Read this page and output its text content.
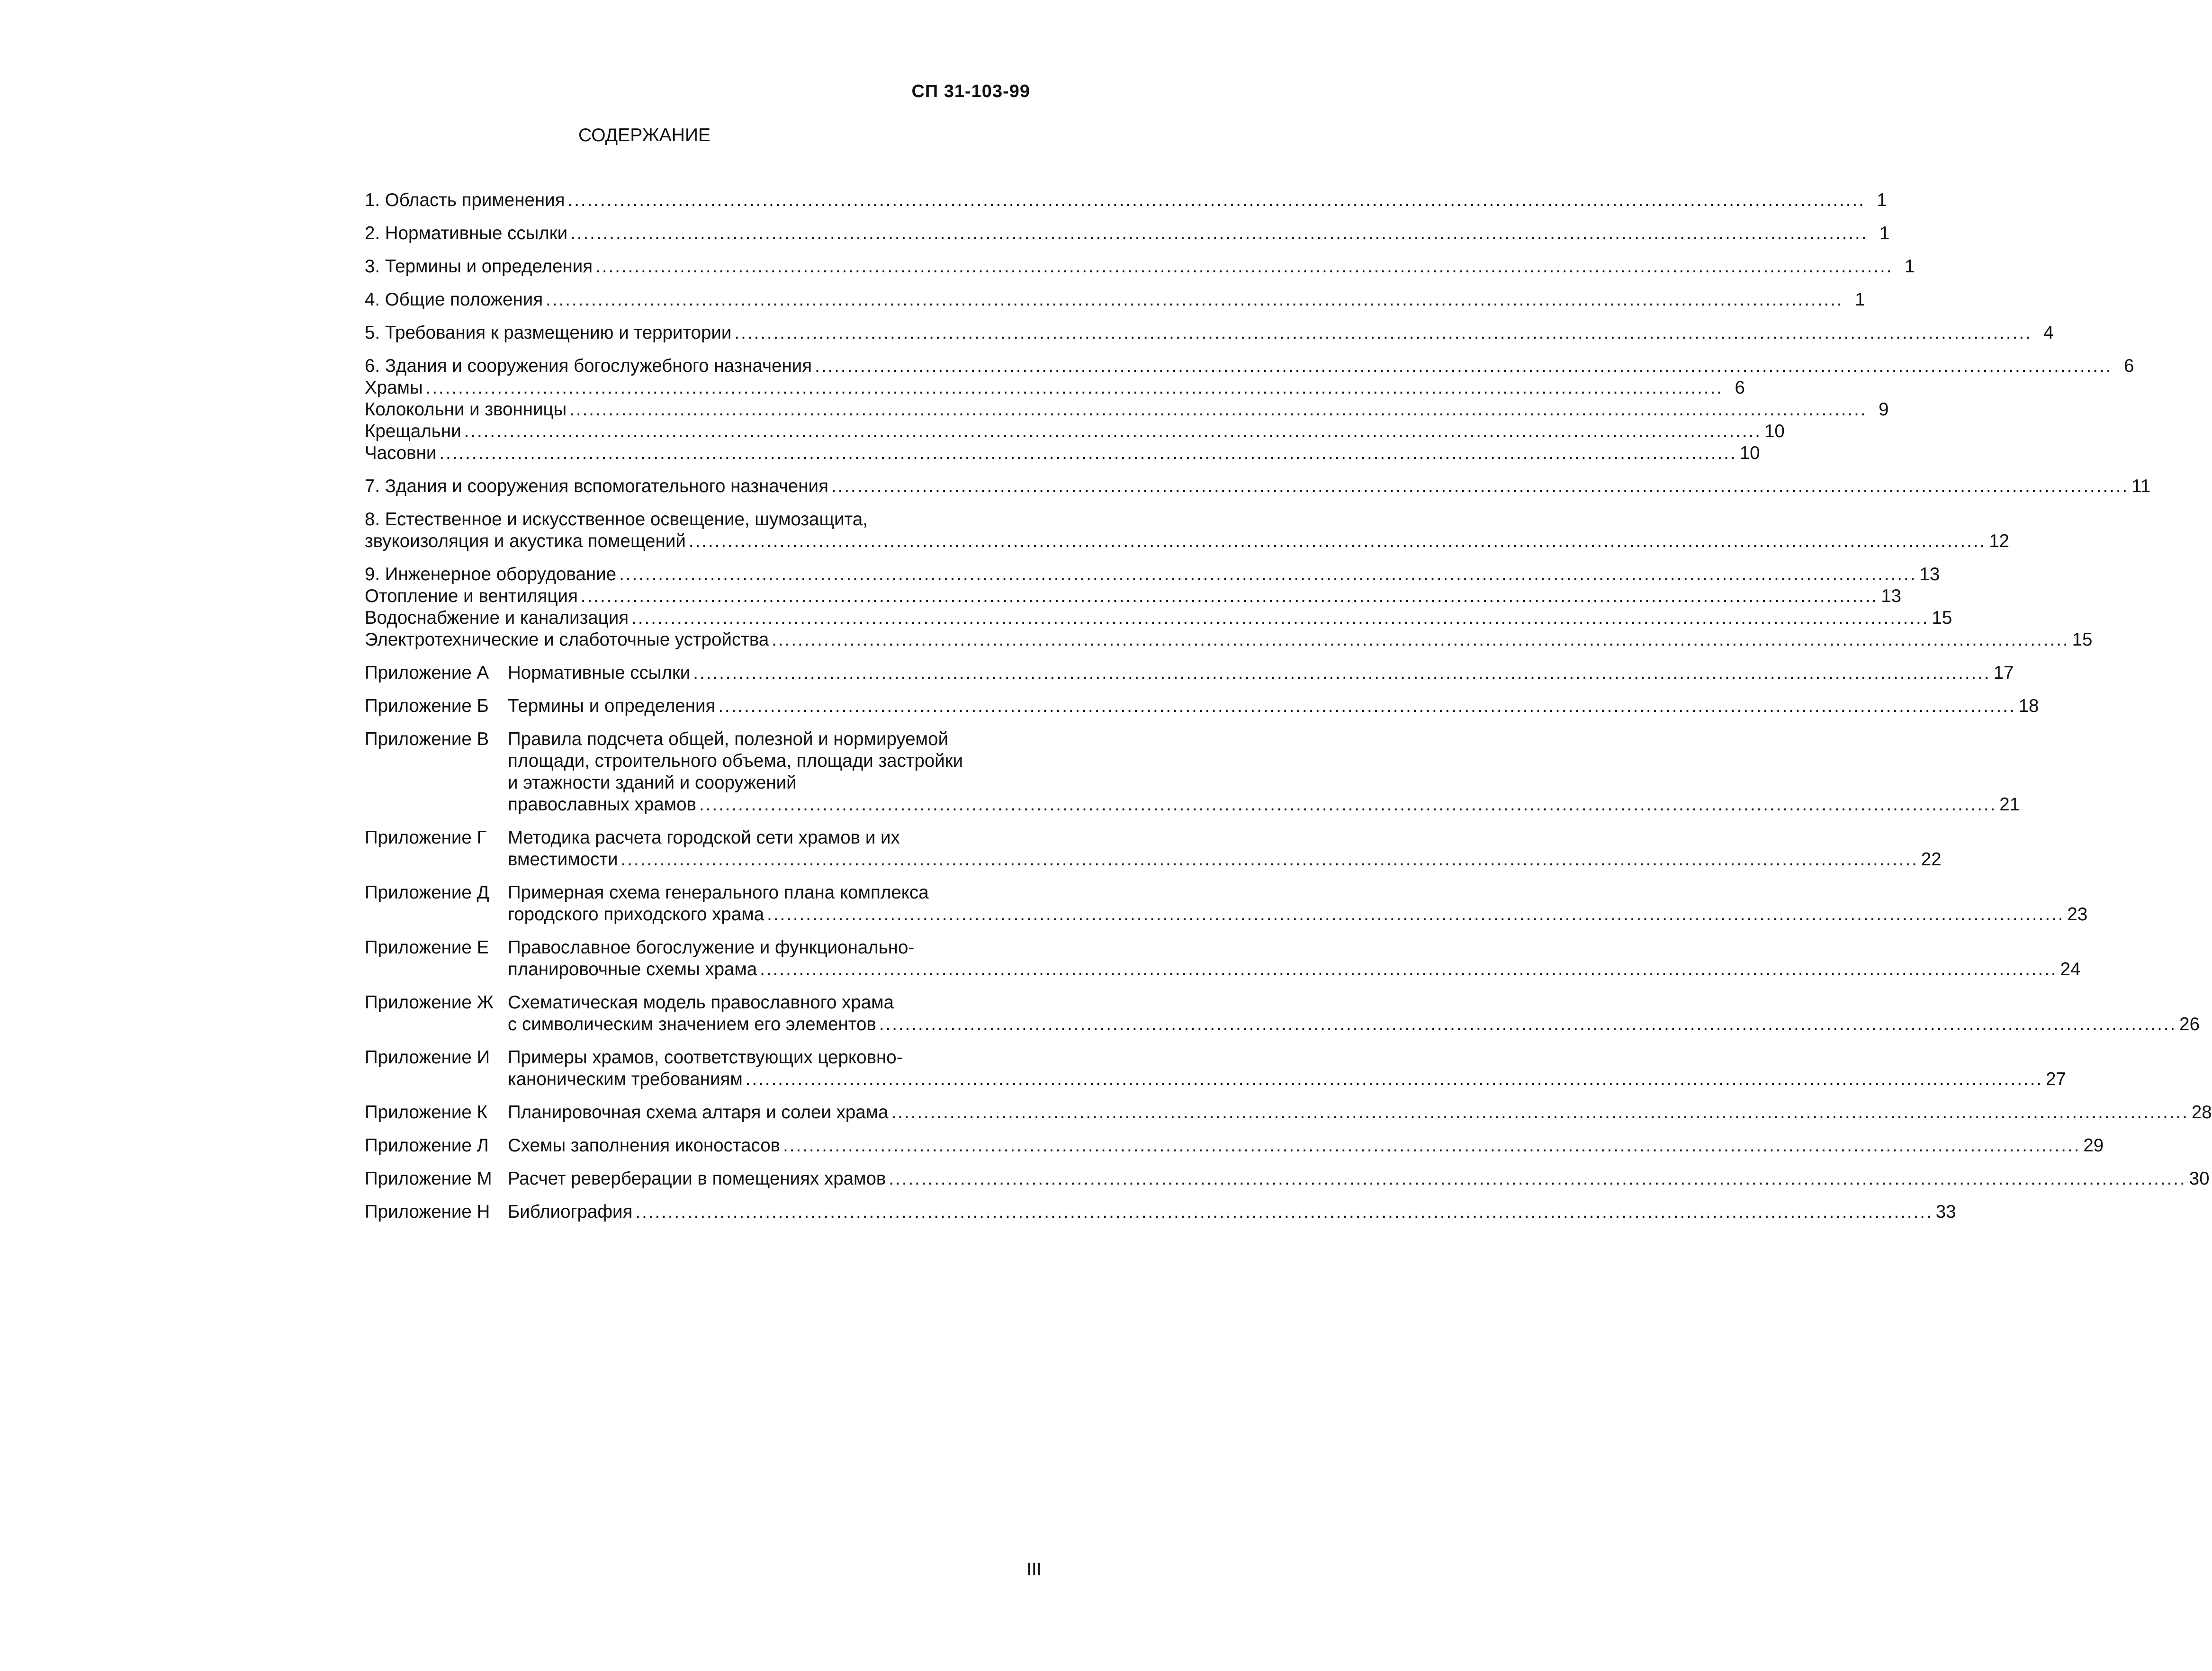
СП 31-103-99
СОДЕРЖАНИЕ
1. Область применения .....	1
2. Нормативные ссылки .....	1
3. Термины и определения .....	1
4. Общие положения .....	1
5. Требования к размещению и территории .....	4
6. Здания и сооружения богослужебного назначения .....	6
Храмы .....	6
Колокольни и звонницы .....	9
Крещальни .....	10
Часовни .....	10
7. Здания и сооружения вспомогательного назначения .....	11
8. Естественное и искусственное освещение, шумозащита,
звукоизоляция и акустика помещений .....	12
9. Инженерное оборудование .....	13
Отопление и вентиляция .....	13
Водоснабжение и канализация .....	15
Электротехнические и слаботочные устройства .....	15
Приложение А	Нормативные ссылки .....	17
Приложение Б	Термины и определения .....	18
Приложение В	Правила подсчета общей, полезной и нормируемой
площади, строительного объема, площади застройки
и этажности зданий и сооружений
православных храмов .....	21
Приложение Г	Методика расчета городской сети храмов и их
вместимости .....	22
Приложение Д	Примерная схема генерального плана комплекса
городского приходского храма .....	23
Приложение Е	Православное богослужение и функционально-
планировочные схемы храма .....	24
Приложение Ж Схематическая модель православного храма
с символическим значением его элементов .....	26
Приложение И Примеры храмов, соответствующих церковно-
каноническим требованиям .....	27
Приложение К	Планировочная схема алтаря и солеи храма .....	28
Приложение Л	Схемы заполнения иконостасов .....	29
Приложение М Расчет реверберации в помещениях храмов .....	30
Приложение Н Библиография .....	33
III
